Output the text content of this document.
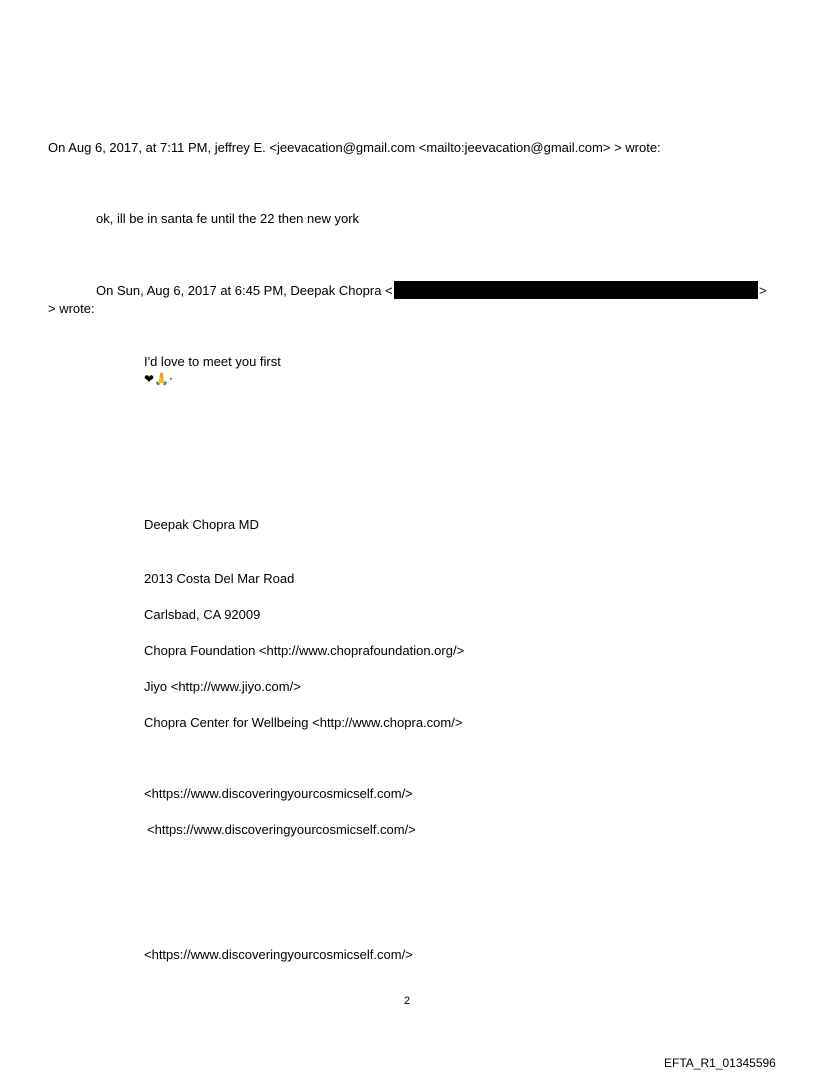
On Aug 6, 2017, at 7:11 PM, jeffrey E. <jeevacation@gmail.com <mailto:jeevacation@gmail.com> > wrote:
ok, ill be in santa fe until the 22 then new york
On Sun, Aug 6, 2017 at 6:45 PM, Deepak Chopra <	>
> wrote:
I'd love to meet you first
❤︎🙏·
Deepak Chopra MD
2013 Costa Del Mar Road
Carlsbad, CA 92009
Chopra Foundation <http://www.choprafoundation.org/>
Jiyo <http://www.jiyo.com/>
Chopra Center for Wellbeing <http://www.chopra.com/>
<https://www.discoveringyourcosmicself.com/>
<https://www.discoveringyourcosmicself.com/>
<https://www.discoveringyourcosmicself.com/>
2
EFTA_R1_01345596
